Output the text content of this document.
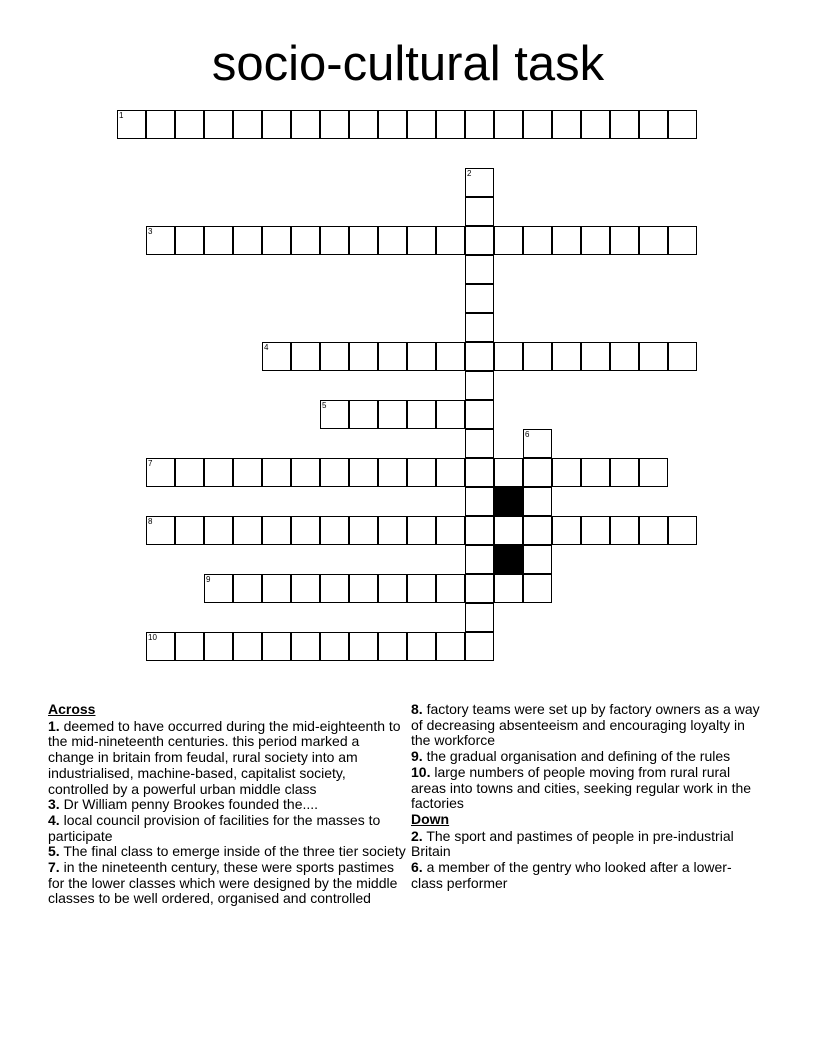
socio-cultural task
1
2
3
4
5
6
7
8
9
10
Across
1. deemed to have occurred during the mid-eighteenth to the mid-nineteenth centuries. this period marked a change in britain from feudal, rural society into am industrialised, machine-based, capitalist society, controlled by a powerful urban middle class
3. Dr William penny Brookes founded the....
4. local council provision of facilities for the masses to participate
5. The final class to emerge inside of the three tier society
7. in the nineteenth century, these were sports pastimes for the lower classes which were designed by the middle classes to be well ordered, organised and controlled
8. factory teams were set up by factory owners as a way of decreasing absenteeism and encouraging loyalty in the workforce
9. the gradual organisation and defining of the rules
10. large numbers of people moving from rural rural areas into towns and cities, seeking regular work in the factories
Down
2. The sport and pastimes of people in pre-industrial Britain
6. a member of the gentry who looked after a lower-class performer
